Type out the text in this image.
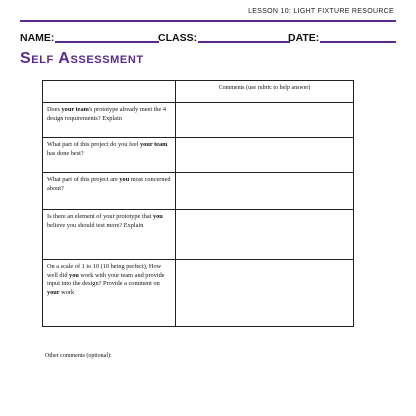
LESSON 10: LIGHT FIXTURE RESOURCE
NAME:	CLASS:	DATE:
Self Assessment
	Comments (use rubric to help answer)
Does your team's prototype already meet the 4 design requirements? Explain	
What part of this project do you feel your team has done best?	
What part of this project are you most concerned about?	
Is there an element of your prototype that you believe you should test more? Explain	
On a scale of 1 to 10 (10 being perfect), How well did you work with your team and provide input into the design? Provide a comment on your work	
Other comments (optional):
